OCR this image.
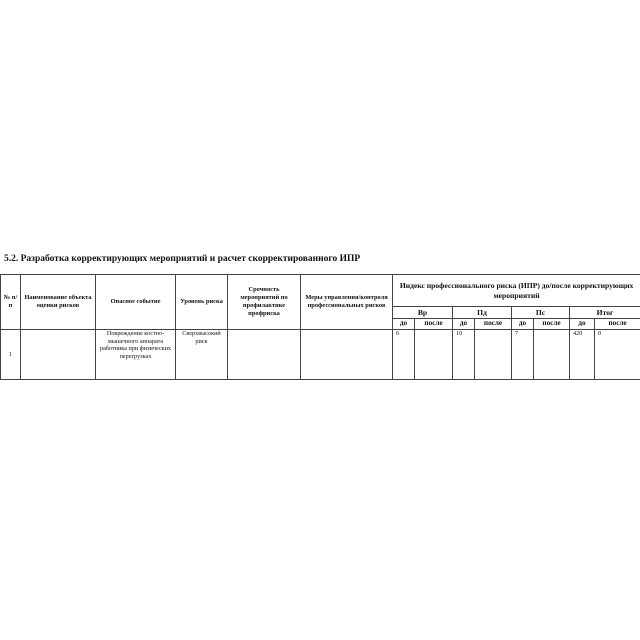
5.2. Разработка корректирующих мероприятий и расчет скорректированного ИПР
№ п/п	Наименование объекта оценки рисков	Опасное событие	Уровень риска	Срочность мероприятий по профилактике профриска	Меры управления/контроля профессиональных рисков	Индекс профессионального риска (ИПР) до/после корректирующих мероприятий							
						Вр		Пд		Пс		Итог	
						до	после	до	после	до	после	до	после
1		Повреждение костно-мышечного аппарата работника при физических перегрузках	Сверхвысокий риск			6		10		7		420	0
